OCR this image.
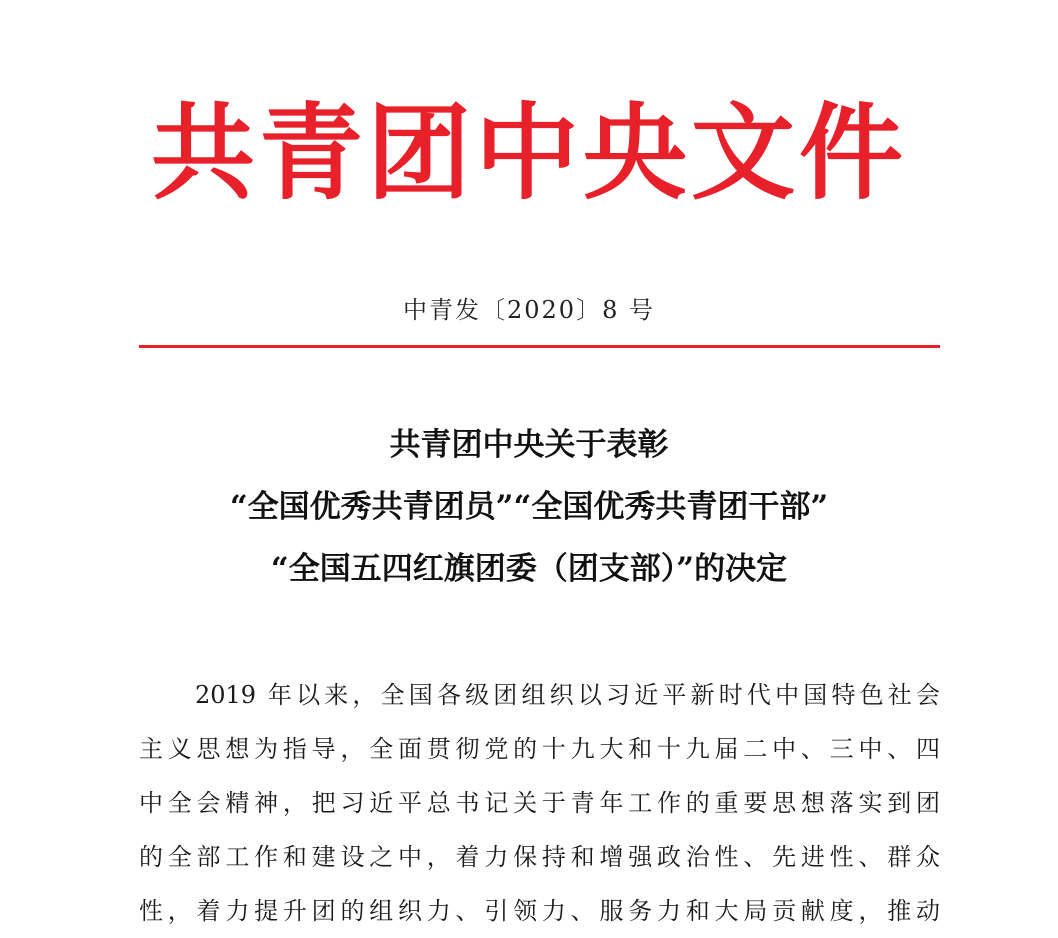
共青团中央文件
中青发〔2020〕8 号
共青团中央关于表彰
“全国优秀共青团员”“全国优秀共青团干部”
“全国五四红旗团委（团支部）”的决定
2019 年以来，全国各级团组织以习近平新时代中国特色社会
主义思想为指导，全面贯彻党的十九大和十九届二中、三中、四
中全会精神，把习近平总书记关于青年工作的重要思想落实到团
的全部工作和建设之中，着力保持和增强政治性、先进性、群众
性，着力提升团的组织力、引领力、服务力和大局贡献度，推动
